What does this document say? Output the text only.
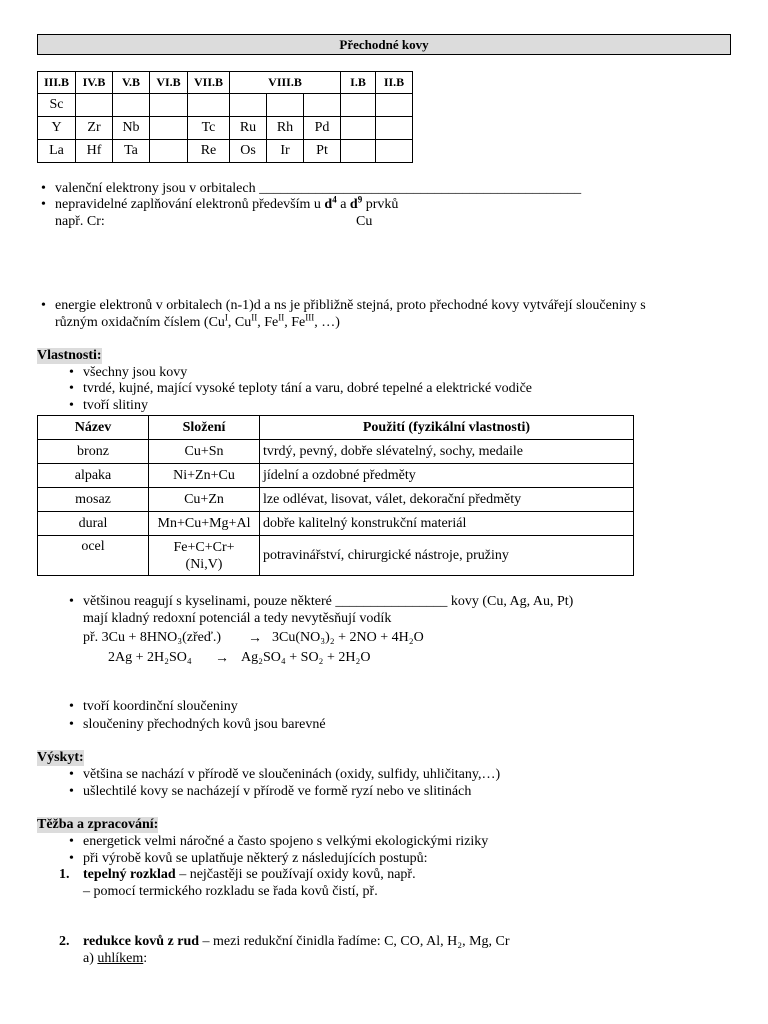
Přechodné kovy
III.B	IV.B	V.B	VI.B	VII.B	VIII.B			I.B	II.B
Sc									
Y	Zr	Nb		Tc	Ru	Rh	Pd		
La	Hf	Ta		Re	Os	Ir	Pt		
• valenční elektrony jsou v orbitalech ______________________________________________
• nepravidelné zaplňování elektronů především u $d^4$ a $d^9$ prvků
např. Cr:	Cu
• energie elektronů v orbitalech (n-1)d a ns je přibližně stejná, proto přechodné kovy vytvářejí sloučeniny s
různým oxidačním číslem ($Cu^I$, $Cu^{II}$, $Fe^{II}$, $Fe^{III}$, …)
Vlastnosti:
• všechny jsou kovy
• tvrdé, kujné, mající vysoké teploty tání a varu, dobré tepelné a elektrické vodiče
• tvoří slitiny
Název	Složení	Použití (fyzikální vlastnosti)
bronz	Cu+Sn	tvrdý, pevný, dobře slévatelný, sochy, medaile
alpaka	Ni+Zn+Cu	jídelní a ozdobné předměty
mosaz	Cu+Zn	lze odlévat, lisovat, válet, dekorační předměty
dural	Mn+Cu+Mg+Al	dobře kalitelný konstrukční materiál
ocel	Fe+C+Cr+
(Ni,V)	potravinářství, chirurgické nástroje, pružiny
• většinou reagují s kyselinami, pouze některé ________________ kovy (Cu, Ag, Au, Pt)
mají kladný redoxní potenciál a tedy nevytěsňují vodík
př. 3Cu + 8HNO₃(zřeď.) → 3Cu(NO₃)₂ + 2NO + 4H₂O
2Ag + 2H₂SO₄ → Ag₂SO₄ + SO₂ + 2H₂O
• tvoří koordinční sloučeniny
• sloučeniny přechodných kovů jsou barevné
Výskyt:
• většina se nachází v přírodě ve sloučeninách (oxidy, sulfidy, uhličitany,…)
• ušlechtilé kovy se nacházejí v přírodě ve formě ryzí nebo ve slitinách
Těžba a zpracování:
• energetick velmi náročné a často spojeno s velkými ekologickými riziky
• při výrobě kovů se uplatňuje některý z následujících postupů:
1. tepelný rozklad – nejčastěji se používají oxidy kovů, např.
– pomocí termického rozkladu se řada kovů čistí, př.
2. redukce kovů z rud – mezi redukční činidla řadíme: C, CO, Al, H₂, Mg, Cr
a) uhlíkem:
